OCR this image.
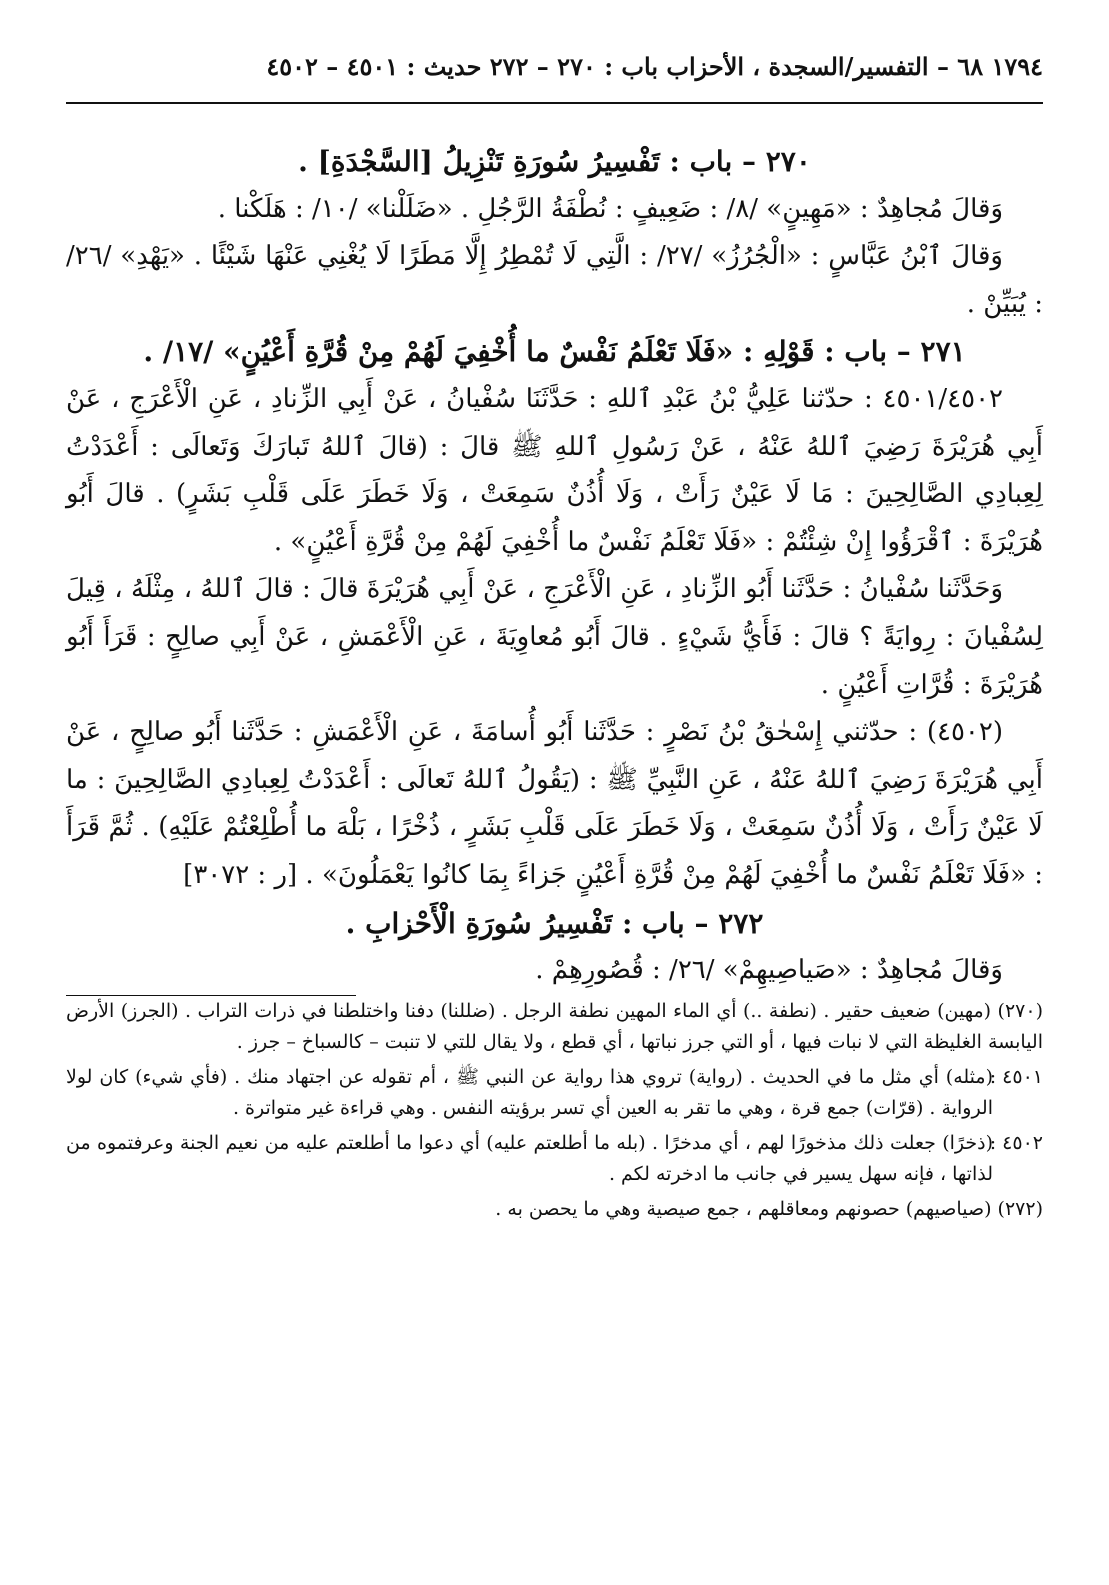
١٧٩٤ ٦٨ – التفسير/السجدة ، الأحزاب باب : ٢٧٠ – ٢٧٢ حديث : ٤٥٠١ – ٤٥٠٢

٢٧٠ – باب : تَفْسِيرُ سُورَةِ تَنْزِيلُ [السَّجْدَةِ] .

وَقالَ مُجاهِدٌ : «مَهِينٍ» /٨/ : ضَعِيفٍ : نُطْفَةُ الرَّجُلِ . «ضَلَلْنا» /١٠/ : هَلَكْنا .

وَقالَ ٱبْنُ عَبَّاسٍ : «الْجُرُزُ» /٢٧/ : الَّتِي لَا تُمْطِرُ إِلَّا مَطَرًا لَا يُغْنِي عَنْهَا شَيْئًا . «يَهْدِ» /٢٦/ : يُبَيِّنْ .

٢٧١ – باب : قَوْلِهِ : «فَلَا تَعْلَمُ نَفْسٌ ما أُخْفِيَ لَهُمْ مِنْ قُرَّةِ أَعْيُنٍ» /١٧/ .

٤٥٠١/٤٥٠٢ : حدّثنا عَلِيُّ بْنُ عَبْدِ ٱللهِ : حَدَّثَنَا سُفْيانُ ، عَنْ أَبِي الزِّنادِ ، عَنِ الْأَعْرَجِ ، عَنْ أَبِي هُرَيْرَةَ رَضِيَ ٱللهُ عَنْهُ ، عَنْ رَسُولِ ٱللهِ ﷺ قالَ : (قالَ ٱللهُ تَبارَكَ وَتَعالَى : أَعْدَدْتُ لِعِبادِي الصَّالِحِينَ : مَا لَا عَيْنٌ رَأَتْ ، وَلَا أُذُنٌ سَمِعَتْ ، وَلَا خَطَرَ عَلَى قَلْبِ بَشَرٍ) . قالَ أَبُو هُرَيْرَةَ : ٱقْرَؤُوا إِنْ شِئْتُمْ : «فَلَا تَعْلَمُ نَفْسٌ ما أُخْفِيَ لَهُمْ مِنْ قُرَّةِ أَعْيُنٍ» .

وَحَدَّثَنا سُفْيانُ : حَدَّثَنا أَبُو الزِّنادِ ، عَنِ الْأَعْرَجِ ، عَنْ أَبِي هُرَيْرَةَ قالَ : قالَ ٱللهُ ، مِثْلَهُ ، قِيلَ لِسُفْيانَ : رِوايَةً ؟ قالَ : فَأَيُّ شَيْءٍ . قالَ أَبُو مُعاوِيَةَ ، عَنِ الْأَعْمَشِ ، عَنْ أَبِي صالِحٍ : قَرَأَ أَبُو هُرَيْرَةَ : قُرَّاتِ أَعْيُنٍ .

(٤٥٠٢) : حدّثني إِسْحٰقُ بْنُ نَصْرٍ : حَدَّثَنا أَبُو أُسامَةَ ، عَنِ الْأَعْمَشِ : حَدَّثَنا أَبُو صالِحٍ ، عَنْ أَبِي هُرَيْرَةَ رَضِيَ ٱللهُ عَنْهُ ، عَنِ النَّبِيِّ ﷺ : (يَقُولُ ٱللهُ تَعالَى : أَعْدَدْتُ لِعِبادِي الصَّالِحِينَ : ما لَا عَيْنٌ رَأَتْ ، وَلَا أُذُنٌ سَمِعَتْ ، وَلَا خَطَرَ عَلَى قَلْبِ بَشَرٍ ، ذُخْرًا ، بَلْهَ ما أُطْلِعْتُمْ عَلَيْهِ) . ثُمَّ قَرَأَ : «فَلَا تَعْلَمُ نَفْسٌ ما أُخْفِيَ لَهُمْ مِنْ قُرَّةِ أَعْيُنٍ جَزاءً بِمَا كانُوا يَعْمَلُونَ» . [ر : ٣٠٧٢]

٢٧٢ – باب : تَفْسِيرُ سُورَةِ الْأَحْزابِ .

وَقالَ مُجاهِدٌ : «صَياصِيهِمْ» /٢٦/ : قُصُورِهِمْ .

(٢٧٠) (مهين) ضعيف حقير . (نطفة ..) أي الماء المهين نطفة الرجل . (ضللنا) دفنا واختلطنا في ذرات التراب . (الجرز) الأرض اليابسة الغليظة التي لا نبات فيها ، أو التي جرز نباتها ، أي قطع ، ولا يقال للتي لا تنبت – كالسباخ – جرز .
٤٥٠١ :
(مثله) أي مثل ما في الحديث . (رواية) تروي هذا رواية عن النبي ﷺ ، أم تقوله عن اجتهاد منك . (فأي شيء) كان لولا الرواية . (قرّات) جمع قرة ، وهي ما تقر به العين أي تسر برؤيته النفس . وهي قراءة غير متواترة .
٤٥٠٢ :
(ذخرًا) جعلت ذلك مذخورًا لهم ، أي مدخرًا . (بله ما أطلعتم عليه) أي دعوا ما أطلعتم عليه من نعيم الجنة وعرفتموه من لذاتها ، فإنه سهل يسير في جانب ما ادخرته لكم .
(٢٧٢) (صياصيهم) حصونهم ومعاقلهم ، جمع صيصية وهي ما يحصن به .
